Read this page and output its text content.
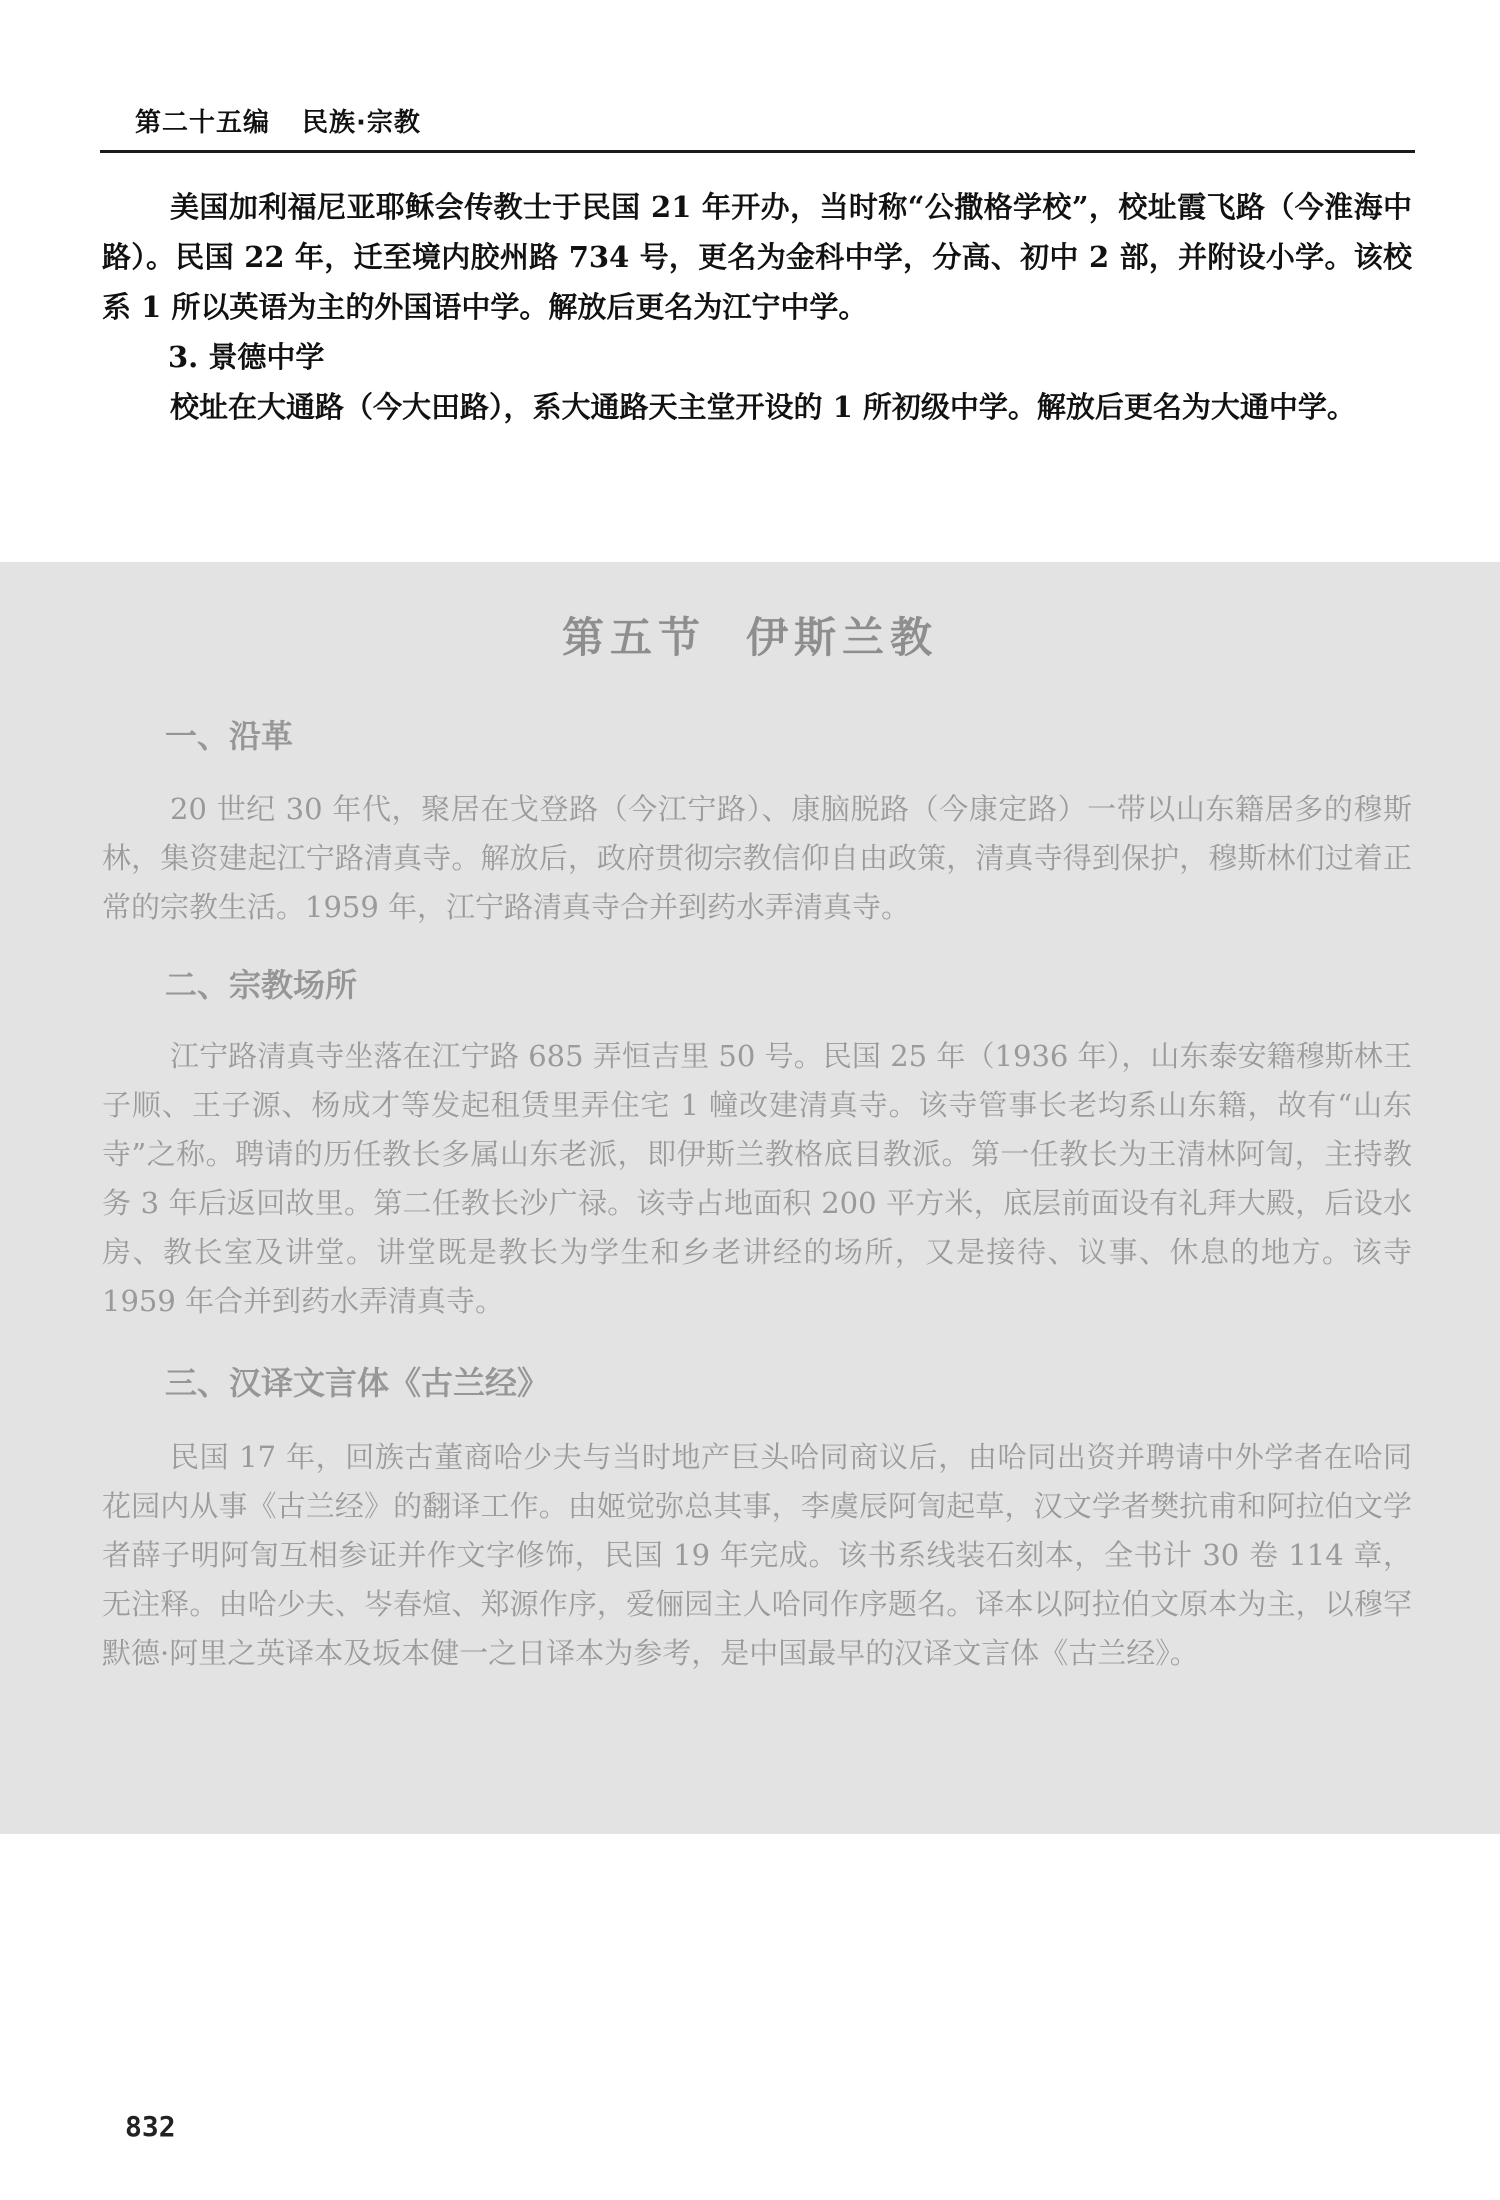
第二十五编 民族·宗教

美国加利福尼亚耶稣会传教士于民国 21 年开办，当时称“公撒格学校”，校址霞飞路（今淮海中路）。民国 22 年，迁至境内胶州路 734 号，更名为金科中学，分高、初中 2 部，并附设小学。该校系 1 所以英语为主的外国语中学。解放后更名为江宁中学。

3. 景德中学

校址在大通路（今大田路），系大通路天主堂开设的 1 所初级中学。解放后更名为大通中学。

第五节 伊斯兰教
一、沿革

20 世纪 30 年代，聚居在戈登路（今江宁路）、康脑脱路（今康定路）一带以山东籍居多的穆斯林，集资建起江宁路清真寺。解放后，政府贯彻宗教信仰自由政策，清真寺得到保护，穆斯林们过着正常的宗教生活。1959 年，江宁路清真寺合并到药水弄清真寺。

二、宗教场所

江宁路清真寺坐落在江宁路 685 弄恒吉里 50 号。民国 25 年（1936 年），山东泰安籍穆斯林王子顺、王子源、杨成才等发起租赁里弄住宅 1 幢改建清真寺。该寺管事长老均系山东籍，故有“山东寺”之称。聘请的历任教长多属山东老派，即伊斯兰教格底目教派。第一任教长为王清林阿訇，主持教务 3 年后返回故里。第二任教长沙广禄。该寺占地面积 200 平方米，底层前面设有礼拜大殿，后设水房、教长室及讲堂。讲堂既是教长为学生和乡老讲经的场所，又是接待、议事、休息的地方。该寺 1959 年合并到药水弄清真寺。

三、汉译文言体《古兰经》

民国 17 年，回族古董商哈少夫与当时地产巨头哈同商议后，由哈同出资并聘请中外学者在哈同花园内从事《古兰经》的翻译工作。由姬觉弥总其事，李虞辰阿訇起草，汉文学者樊抗甫和阿拉伯文学者薛子明阿訇互相参证并作文字修饰，民国 19 年完成。该书系线装石刻本，全书计 30 卷 114 章，无注释。由哈少夫、岑春煊、郑源作序，爱俪园主人哈同作序题名。译本以阿拉伯文原本为主，以穆罕默德·阿里之英译本及坂本健一之日译本为参考，是中国最早的汉译文言体《古兰经》。

832
